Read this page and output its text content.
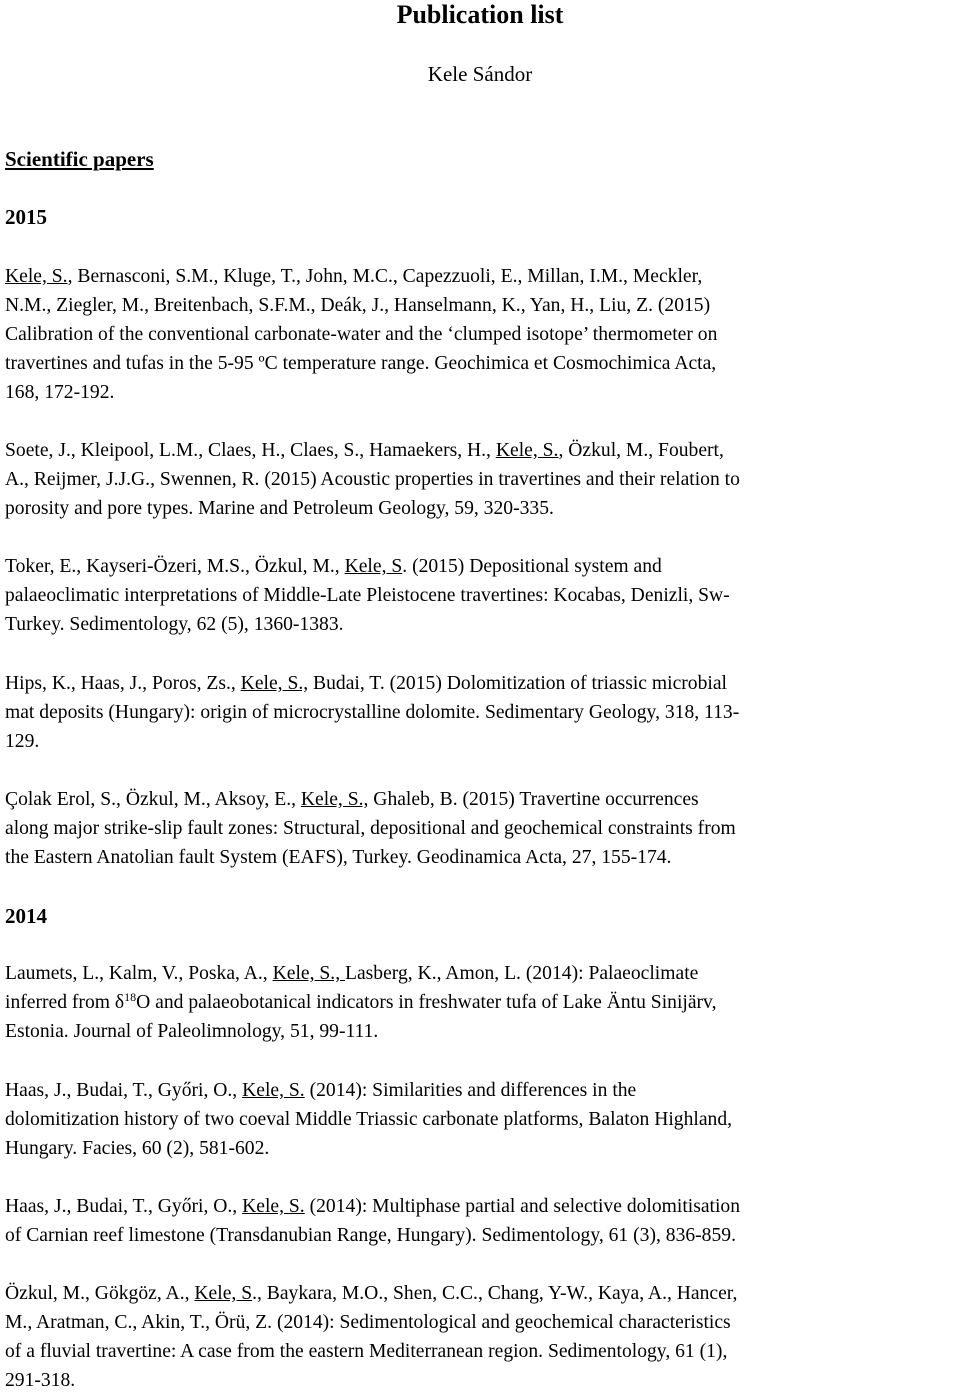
Publication list
Kele Sándor
Scientific papers
2015
Kele, S., Bernasconi, S.M., Kluge, T., John, M.C., Capezzuoli, E., Millan, I.M., Meckler,
N.M., Ziegler, M., Breitenbach, S.F.M., Deák, J., Hanselmann, K., Yan, H., Liu, Z. (2015)
Calibration of the conventional carbonate-water and the ‘clumped isotope’ thermometer on
travertines and tufas in the 5-95 ºC temperature range. Geochimica et Cosmochimica Acta,
168, 172-192.
Soete, J., Kleipool, L.M., Claes, H., Claes, S., Hamaekers, H., Kele, S., Özkul, M., Foubert,
A., Reijmer, J.J.G., Swennen, R. (2015) Acoustic properties in travertines and their relation to
porosity and pore types. Marine and Petroleum Geology, 59, 320-335.
Toker, E., Kayseri-Özeri, M.S., Özkul, M., Kele, S. (2015) Depositional system and
palaeoclimatic interpretations of Middle-Late Pleistocene travertines: Kocabas, Denizli, Sw-
Turkey. Sedimentology, 62 (5), 1360-1383.
Hips, K., Haas, J., Poros, Zs., Kele, S., Budai, T. (2015) Dolomitization of triassic microbial
mat deposits (Hungary): origin of microcrystalline dolomite. Sedimentary Geology, 318, 113-
129.
Çolak Erol, S., Özkul, M., Aksoy, E., Kele, S., Ghaleb, B. (2015) Travertine occurrences
along major strike-slip fault zones: Structural, depositional and geochemical constraints from
the Eastern Anatolian fault System (EAFS), Turkey. Geodinamica Acta, 27, 155-174.
2014
Laumets, L., Kalm, V., Poska, A., Kele, S., Lasberg, K., Amon, L. (2014): Palaeoclimate
inferred from $\delta^{18}O$ and palaeobotanical indicators in freshwater tufa of Lake Äntu Sinijärv,
Estonia. Journal of Paleolimnology, 51, 99-111.
Haas, J., Budai, T., Győri, O., Kele, S. (2014): Similarities and differences in the
dolomitization history of two coeval Middle Triassic carbonate platforms, Balaton Highland,
Hungary. Facies, 60 (2), 581-602.
Haas, J., Budai, T., Győri, O., Kele, S. (2014): Multiphase partial and selective dolomitisation
of Carnian reef limestone (Transdanubian Range, Hungary). Sedimentology, 61 (3), 836-859.
Özkul, M., Gökgöz, A., Kele, S., Baykara, M.O., Shen, C.C., Chang, Y-W., Kaya, A., Hancer,
M., Aratman, C., Akin, T., Örü, Z. (2014): Sedimentological and geochemical characteristics
of a fluvial travertine: A case from the eastern Mediterranean region. Sedimentology, 61 (1),
291-318.
